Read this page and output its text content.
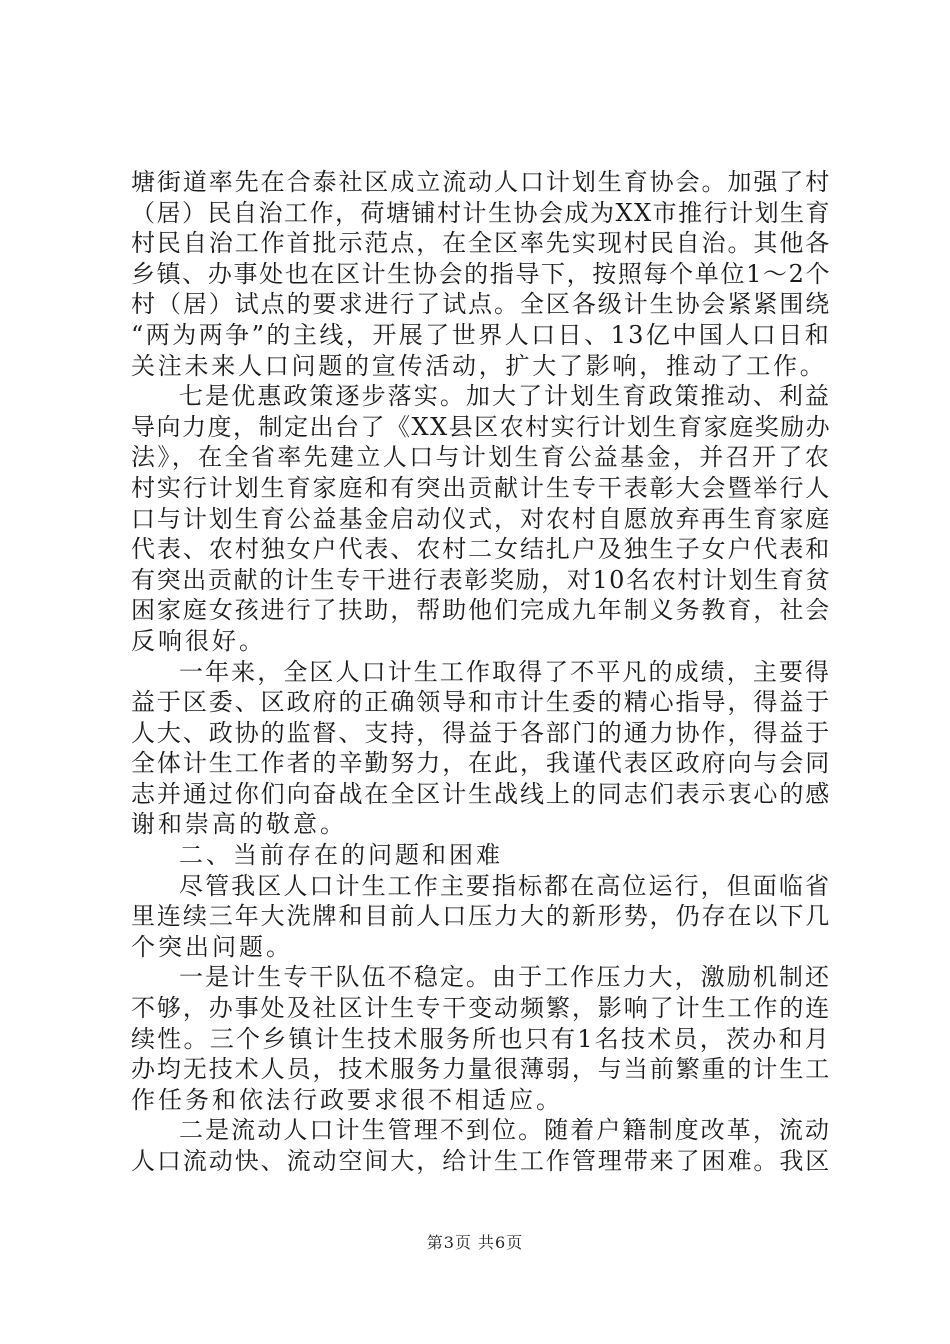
塘街道率先在合泰社区成立流动人口计划生育协会。加强了村
（居）民自治工作，荷塘铺村计生协会成为XX市推行计划生育
村民自治工作首批示范点，在全区率先实现村民自治。其他各
乡镇、办事处也在区计生协会的指导下，按照每个单位1～2个
村（居）试点的要求进行了试点。全区各级计生协会紧紧围绕
“两为两争”的主线，开展了世界人口日、13亿中国人口日和
关注未来人口问题的宣传活动，扩大了影响，推动了工作。
七是优惠政策逐步落实。加大了计划生育政策推动、利益
导向力度，制定出台了《XX县区农村实行计划生育家庭奖励办
法》，在全省率先建立人口与计划生育公益基金，并召开了农
村实行计划生育家庭和有突出贡献计生专干表彰大会暨举行人
口与计划生育公益基金启动仪式，对农村自愿放弃再生育家庭
代表、农村独女户代表、农村二女结扎户及独生子女户代表和
有突出贡献的计生专干进行表彰奖励，对10名农村计划生育贫
困家庭女孩进行了扶助，帮助他们完成九年制义务教育，社会
反响很好。
一年来，全区人口计生工作取得了不平凡的成绩，主要得
益于区委、区政府的正确领导和市计生委的精心指导，得益于
人大、政协的监督、支持，得益于各部门的通力协作，得益于
全体计生工作者的辛勤努力，在此，我谨代表区政府向与会同
志并通过你们向奋战在全区计生战线上的同志们表示衷心的感
谢和崇高的敬意。
二、当前存在的问题和困难
尽管我区人口计生工作主要指标都在高位运行，但面临省
里连续三年大洗牌和目前人口压力大的新形势，仍存在以下几
个突出问题。
一是计生专干队伍不稳定。由于工作压力大，激励机制还
不够，办事处及社区计生专干变动频繁，影响了计生工作的连
续性。三个乡镇计生技术服务所也只有1名技术员，茨办和月
办均无技术人员，技术服务力量很薄弱，与当前繁重的计生工
作任务和依法行政要求很不相适应。
二是流动人口计生管理不到位。随着户籍制度改革，流动
人口流动快、流动空间大，给计生工作管理带来了困难。我区
第3页 共6页
